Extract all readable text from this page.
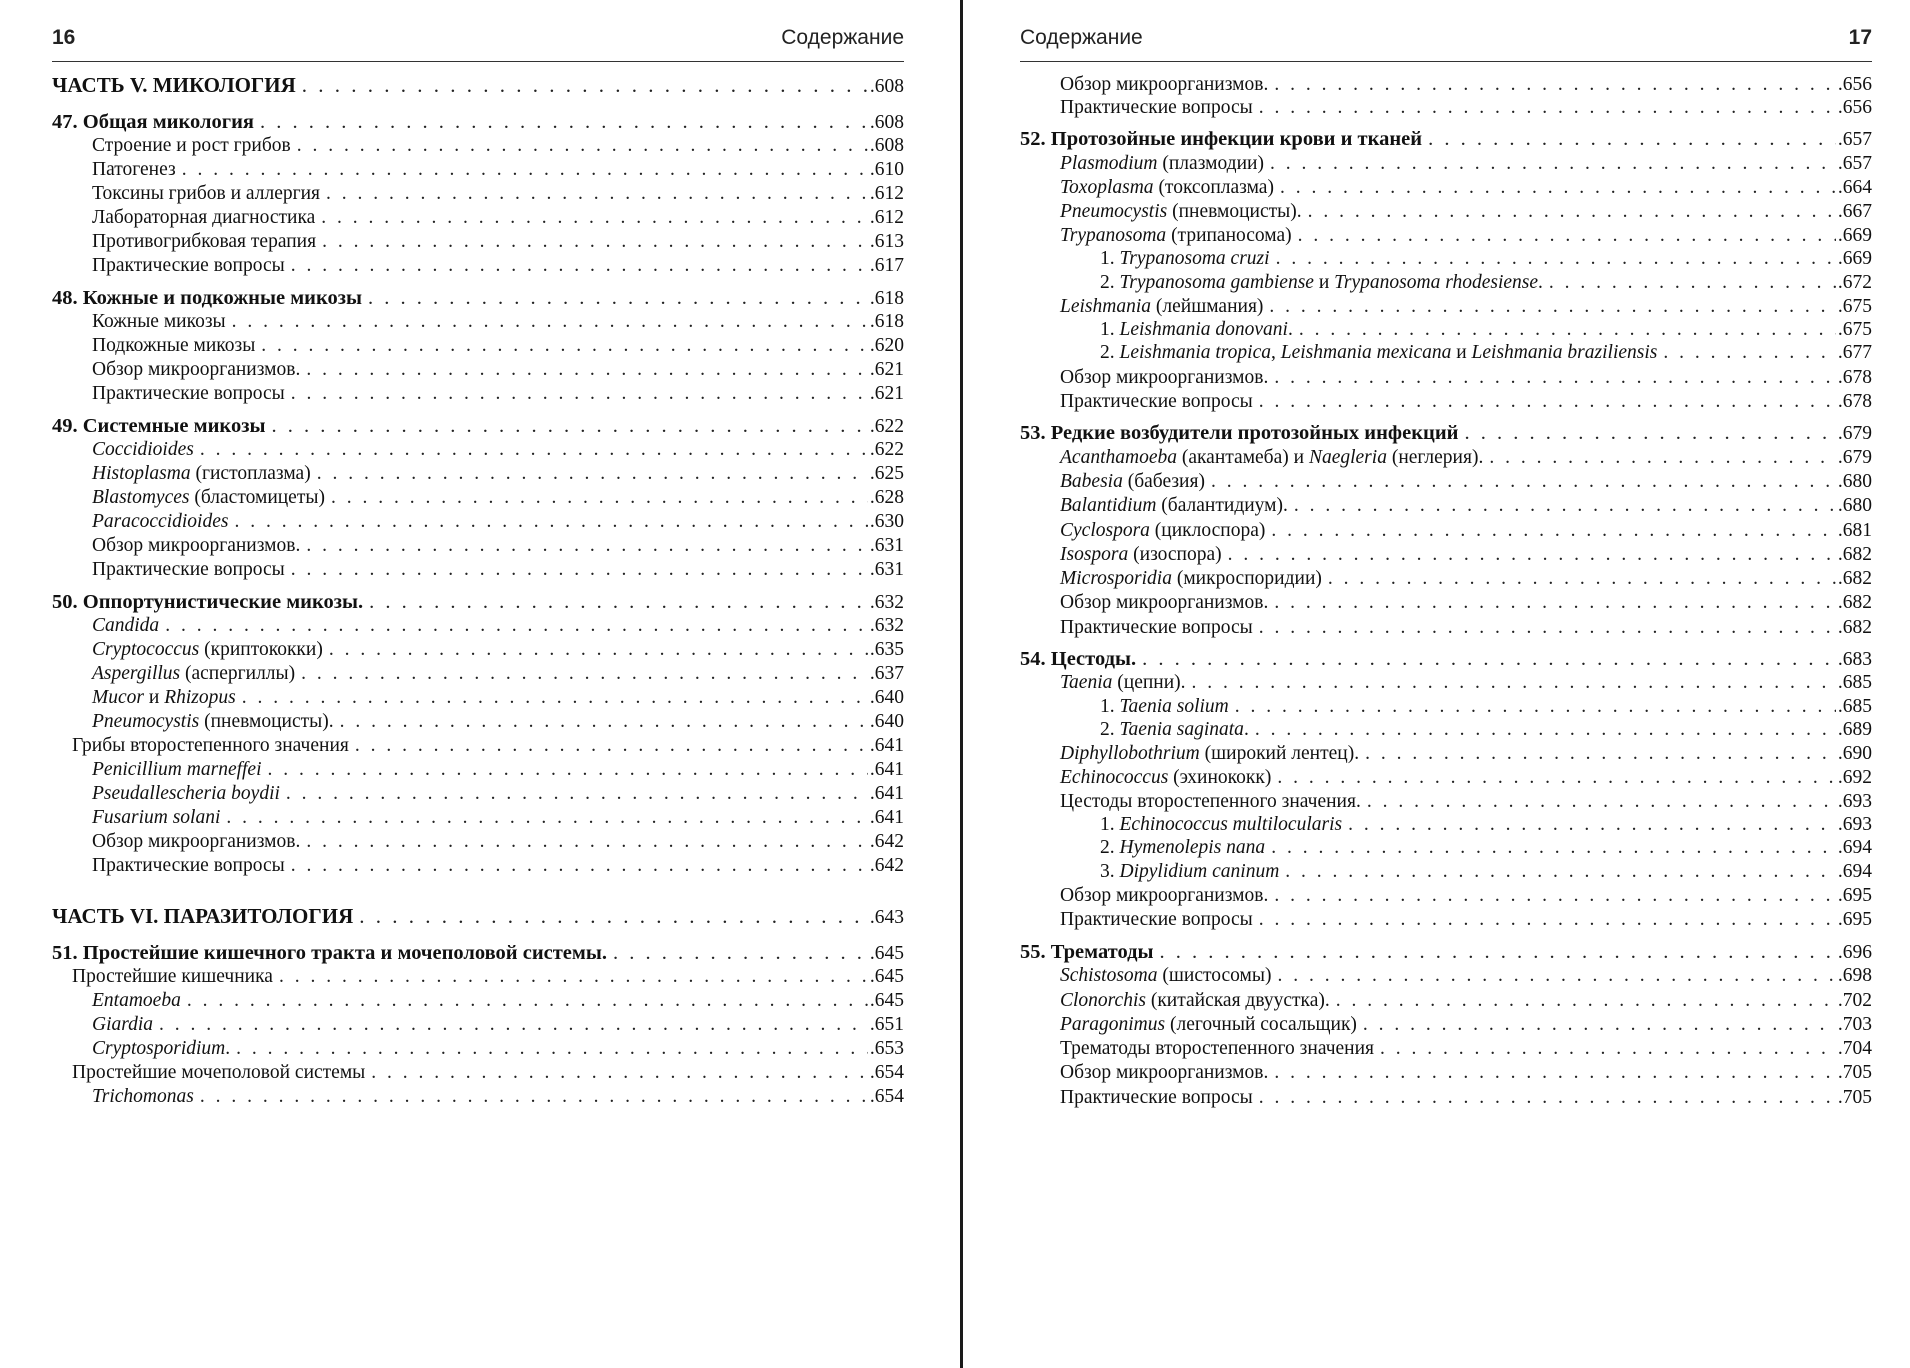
16	Содержание
ЧАСТЬ V. МИКОЛОГИЯ . . .	.608
47. Общая микология . . .	.608
Строение и рост грибов . . .	.608
Патогенез . . .	.610
Токсины грибов и аллергия . . .	.612
Лабораторная диагностика . . .	.612
Противогрибковая терапия . . .	.613
Практические вопросы . . .	.617
48. Кожные и подкожные микозы . . .	.618
Кожные микозы . . .	.618
Подкожные микозы . . .	.620
Обзор микроорганизмов. . . .	.621
Практические вопросы . . .	.621
49. Системные микозы . . .	.622
Coccidioides . . .	.622
Histoplasma (гистоплазма) . . .	.625
Blastomyces (бластомицеты) . . .	.628
Paracoccidioides . . .	.630
Обзор микроорганизмов. . . .	.631
Практические вопросы . . .	.631
50. Оппортунистические микозы. . . .	.632
Candida . . .	.632
Cryptococcus (криптококки) . . .	.635
Aspergillus (аспергиллы) . . .	.637
Mucor и Rhizopus . . .	.640
Pneumocystis (пневмоцисты). . . .	.640
Грибы второстепенного значения . . .	.641
Penicillium marneffei . . .	.641
Pseudallescheria boydii . . .	.641
Fusarium solani . . .	.641
Обзор микроорганизмов. . . .	.642
Практические вопросы . . .	.642
ЧАСТЬ VI. ПАРАЗИТОЛОГИЯ . . .	.643
51. Простейшие кишечного тракта и мочеполовой системы. . . .	.645
Простейшие кишечника . . .	.645
Entamoeba . . .	.645
Giardia . . .	.651
Cryptosporidium. . . .	.653
Простейшие мочеполовой системы . . .	.654
Trichomonas . . .	.654
Содержание	17
Обзор микроорганизмов. . . .	.656
Практические вопросы . . .	.656
52. Протозойные инфекции крови и тканей . . .	.657
Plasmodium (плазмодии) . . .	.657
Toxoplasma (токсоплазма) . . .	.664
Pneumocystis (пневмоцисты). . . .	.667
Trypanosoma (трипаносома) . . .	.669
1. Trypanosoma cruzi . . .	.669
2. Trypanosoma gambiense и Trypanosoma rhodesiense. . . .	.672
Leishmania (лейшмания) . . .	.675
1. Leishmania donovani. . . .	.675
2. Leishmania tropica, Leishmania mexicana и Leishmania braziliensis . . .	.677
Обзор микроорганизмов. . . .	.678
Практические вопросы . . .	.678
53. Редкие возбудители протозойных инфекций . . .	.679
Acanthamoeba (акантамеба) и Naegleria (неглерия). . . .	.679
Babesia (бабезия) . . .	.680
Balantidium (балантидиум). . . .	.680
Cyclospora (циклоспора) . . .	.681
Isospora (изоспора) . . .	.682
Microsporidia (микроспоридии) . . .	.682
Обзор микроорганизмов. . . .	.682
Практические вопросы . . .	.682
54. Цестоды. . . .	.683
Taenia (цепни). . . .	.685
1. Taenia solium . . .	.685
2. Taenia saginata. . . .	.689
Diphyllobothrium (широкий лентец). . . .	.690
Echinococcus (эхинококк) . . .	.692
Цестоды второстепенного значения. . . .	.693
1. Echinococcus multilocularis . . .	.693
2. Hymenolepis nana . . .	.694
3. Dipylidium caninum . . .	.694
Обзор микроорганизмов. . . .	.695
Практические вопросы . . .	.695
55. Трематоды . . .	.696
Schistosoma (шистосомы) . . .	.698
Clonorchis (китайская двуустка). . . .	.702
Paragonimus (легочный сосальщик) . . .	.703
Трематоды второстепенного значения . . .	.704
Обзор микроорганизмов. . . .	.705
Практические вопросы . . .	.705
